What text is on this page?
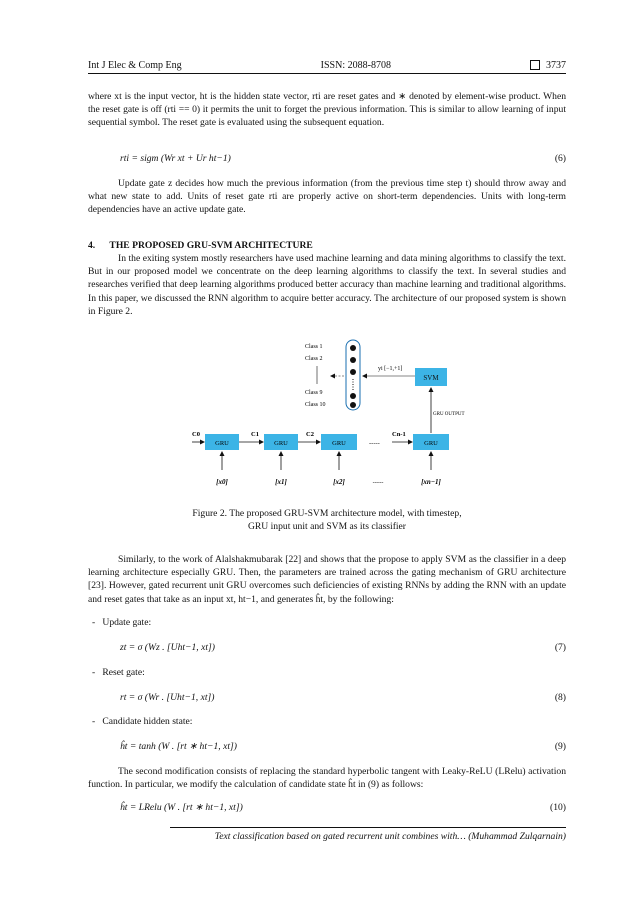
Int J Elec & Comp Eng	ISSN: 2088-8708	3737
where xt is the input vector, ht is the hidden state vector, rti are reset gates and ∗ denoted by element-wise product. When the reset gate is off (rti == 0) it permits the unit to forget the previous information. This is similar to allow learning of input sequential symbol. The reset gate is evaluated using the subsequent equation.
rti = sigm (Wr xt + Ur ht−1)	(6)
Update gate z decides how much the previous information (from the previous time step t) should throw away and what new state to add. Units of reset gate rti are properly active on short-term dependencies. Units with long-term dependencies have an active update gate.
4. THE PROPOSED GRU-SVM ARCHITECTURE
In the exiting system mostly researchers have used machine learning and data mining algorithms to classify the text. But in our proposed model we concentrate on the deep learning algorithms to classify the text. In several studies and researches verified that deep learning algorithms produced better accuracy than machine learning and traditional algorithms. In this paper, we discussed the RNN algorithm to acquire better accuracy. The architecture of our proposed system is shown in Figure 2.
Class 1
Class 2
Class 9
Class 10
yi [−1,+1]
SVM
GRU OUTPUT
C0
GRU
C1
GRU
C2
GRU	-----
Cn-1
GRU
[x0]	[x1]	[x2]	-----	[xn−1]
Figure 2. The proposed GRU-SVM architecture model, with timestep,
GRU input unit and SVM as its classifier
Similarly, to the work of Alalshakmubarak [22] and shows that the propose to apply SVM as the classifier in a deep learning architecture especially GRU. Then, the parameters are trained across the gating mechanism of GRU architecture [23]. However, gated recurrent unit GRU overcomes such deficiencies of existing RNNs by adding the RNN with an update and reset gates that take as an input xt, ht−1, and generates ĥt, by the following:
-   Update gate:
zt = σ (Wz . [Uht−1, xt])	(7)
-   Reset gate:
rt = σ (Wr . [Uht−1, xt])	(8)
-   Candidate hidden state:
ĥt = tanh (W . [rt ∗ ht−1, xt])	(9)
The second modification consists of replacing the standard hyperbolic tangent with Leaky-ReLU (LRelu) activation function. In particular, we modify the calculation of candidate state ĥt in (9) as follows:
ĥt = LRelu (W . [rt ∗ ht−1, xt])	(10)
Text classification based on gated recurrent unit combines with… (Muhammad Zulqarnain)
